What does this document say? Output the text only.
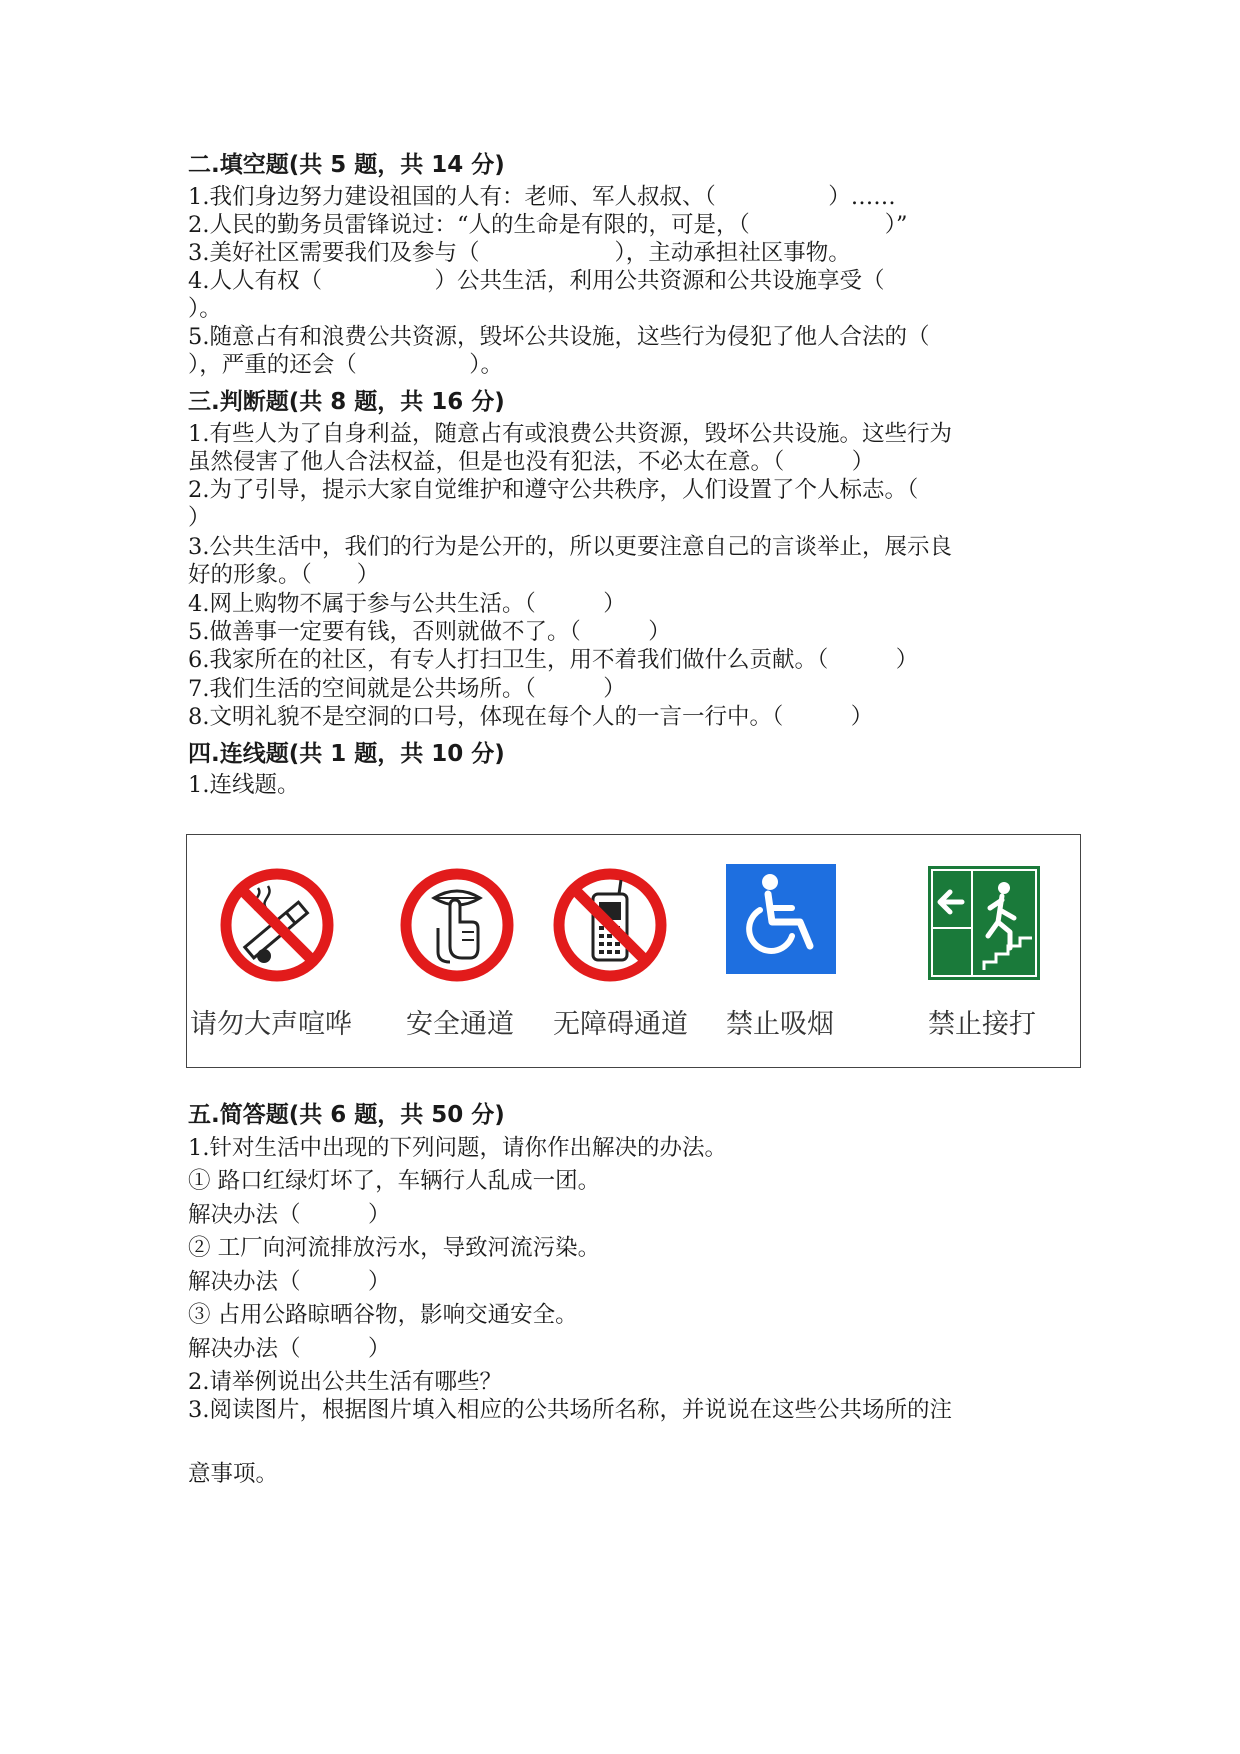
二.填空题(共 5 题，共 14 分)
1.我们身边努力建设祖国的人有：老师、军人叔叔、（　　　　　）……
2.人民的勤务员雷锋说过：“人的生命是有限的，可是，（　　　　　　）”
3.美好社区需要我们及参与（　　　　　　），主动承担社区事物。
4.人人有权（　　　　　）公共生活，利用公共资源和公共设施享受（
）。
5.随意占有和浪费公共资源，毁坏公共设施，这些行为侵犯了他人合法的（
），严重的还会（　　　　　）。
三.判断题(共 8 题，共 16 分)
1.有些人为了自身利益，随意占有或浪费公共资源，毁坏公共设施。这些行为
虽然侵害了他人合法权益，但是也没有犯法，不必太在意。（　　　）
2.为了引导，提示大家自觉维护和遵守公共秩序，人们设置了个人标志。（
）
3.公共生活中，我们的行为是公开的，所以更要注意自己的言谈举止，展示良
好的形象。（　　）
4.网上购物不属于参与公共生活。（　　　）
5.做善事一定要有钱，否则就做不了。（　　　）
6.我家所在的社区，有专人打扫卫生，用不着我们做什么贡献。（　　　）
7.我们生活的空间就是公共场所。（　　　）
8.文明礼貌不是空洞的口号，体现在每个人的一言一行中。（　　　）
四.连线题(共 1 题，共 10 分)
1.连线题。
请勿大声喧哗 安全通道 无障碍通道 禁止吸烟	禁止接打
五.简答题(共 6 题，共 50 分)
1.针对生活中出现的下列问题，请你作出解决的办法。
① 路口红绿灯坏了，车辆行人乱成一团。
解决办法（　　　）
② 工厂向河流排放污水，导致河流污染。
解决办法（　　　）
③ 占用公路晾晒谷物，影响交通安全。
解决办法（　　　）
2.请举例说出公共生活有哪些？
3.阅读图片，根据图片填入相应的公共场所名称，并说说在这些公共场所的注
意事项。
